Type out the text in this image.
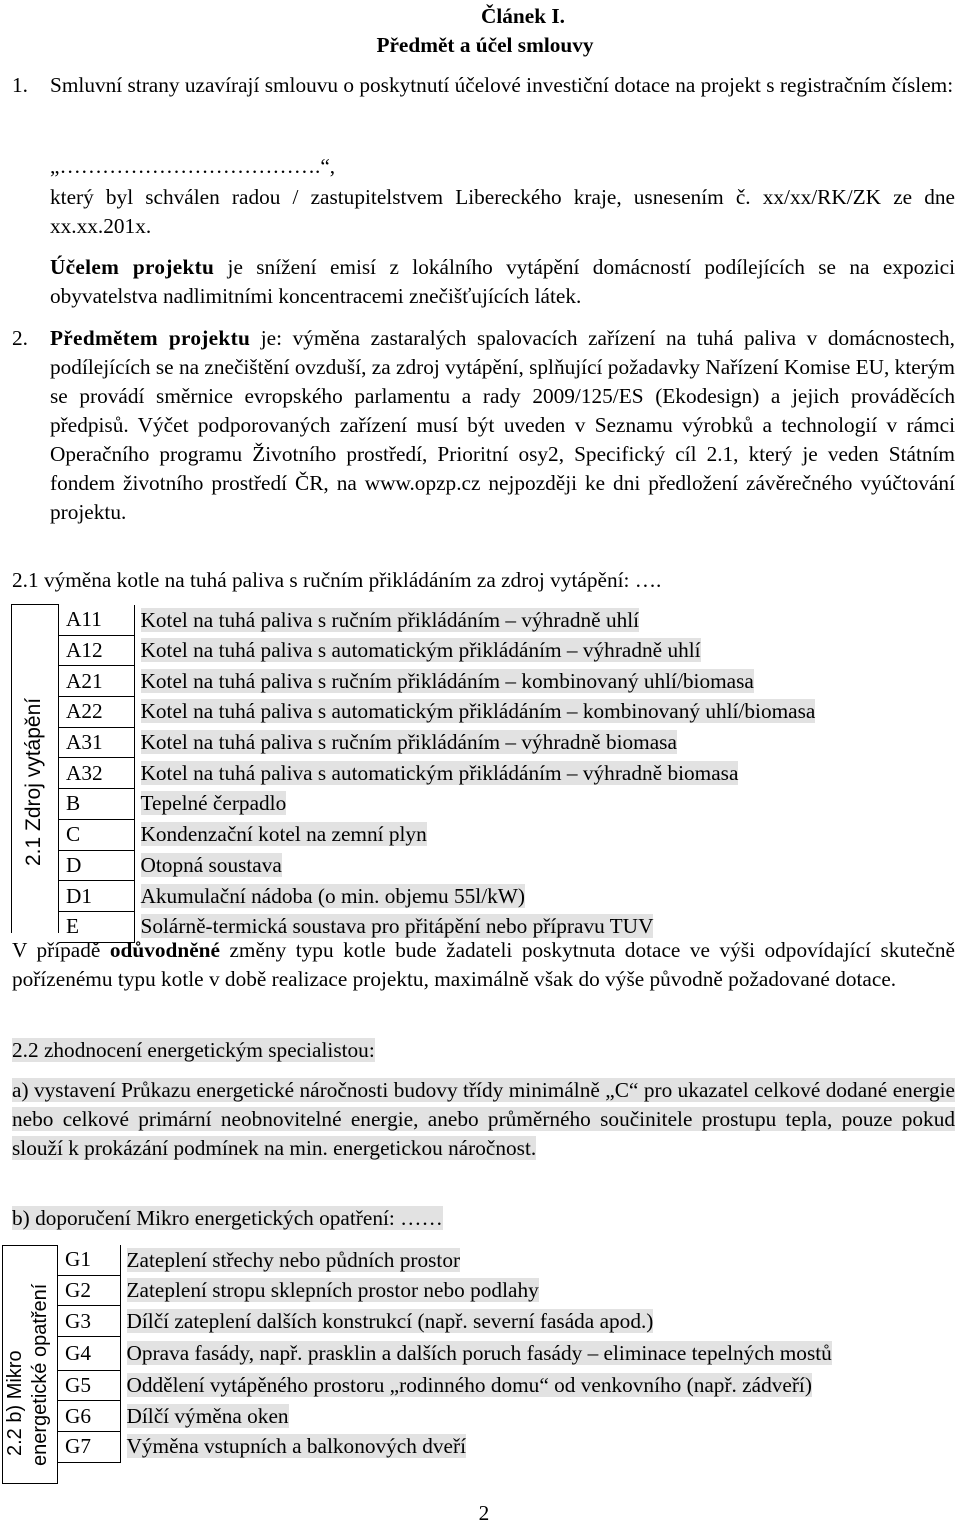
Článek I.
Předmět a účel smlouvy
1. Smluvní strany uzavírají smlouvu o poskytnutí účelové investiční dotace na projekt s registračním číslem:
„……………………………….“,
který byl schválen radou / zastupitelstvem Libereckého kraje, usnesením č. xx/xx/RK/ZK ze dne xx.xx.201x.
Účelem projektu je snížení emisí z lokálního vytápění domácností podílejících se na expozici obyvatelstva nadlimitními koncentracemi znečišťujících látek.
2. Předmětem projektu je: výměna zastaralých spalovacích zařízení na tuhá paliva v domácnostech, podílejících se na znečištění ovzduší, za zdroj vytápění, splňující požadavky Nařízení Komise EU, kterým se provádí směrnice evropského parlamentu a rady 2009/125/ES (Ekodesign) a jejich prováděcích předpisů. Výčet podporovaných zařízení musí být uveden v Seznamu výrobků a technologií v rámci Operačního programu Životního prostředí, Prioritní osy2, Specifický cíl 2.1, který je veden Státním fondem životního prostředí ČR, na www.opzp.cz nejpozději ke dni předložení závěrečného vyúčtování projektu.
2.1 výměna kotle na tuhá paliva s ručním přikládáním za zdroj vytápění: ….
2.1 Zdroj vytápění
A11	Kotel na tuhá paliva s ručním přikládáním – výhradně uhlí
A12	Kotel na tuhá paliva s automatickým přikládáním – výhradně uhlí
A21	Kotel na tuhá paliva s ručním přikládáním – kombinovaný uhlí/biomasa
A22	Kotel na tuhá paliva s automatickým přikládáním – kombinovaný uhlí/biomasa
A31	Kotel na tuhá paliva s ručním přikládáním – výhradně biomasa
A32	Kotel na tuhá paliva s automatickým přikládáním – výhradně biomasa
B	Tepelné čerpadlo
C	Kondenzační kotel na zemní plyn
D	Otopná soustava
D1	Akumulační nádoba (o min. objemu 55l/kW)
E	Solárně-termická soustava pro přitápění nebo přípravu TUV
V případě odůvodněné změny typu kotle bude žadateli poskytnuta dotace ve výši odpovídající skutečně pořízenému typu kotle v době realizace projektu, maximálně však do výše původně požadované dotace.
2.2 zhodnocení energetickým specialistou:
a) vystavení Průkazu energetické náročnosti budovy třídy minimálně „C“ pro ukazatel celkové dodané energie nebo celkové primární neobnovitelné energie, anebo průměrného součinitele prostupu tepla, pouze pokud slouží k prokázání podmínek na min. energetickou náročnost.
b) doporučení Mikro energetických opatření: ……
2.2 b) Mikro energetické opatření
G1	Zateplení střechy nebo půdních prostor
G2	Zateplení stropu sklepních prostor nebo podlahy
G3	Dílčí zateplení dalších konstrukcí (např. severní fasáda apod.)
G4	Oprava fasády, např. prasklin a dalších poruch fasády – eliminace tepelných mostů
G5	Oddělení vytápěného prostoru „rodinného domu“ od venkovního (např. zádveří)
G6	Dílčí výměna oken
G7	Výměna vstupních a balkonových dveří
2
